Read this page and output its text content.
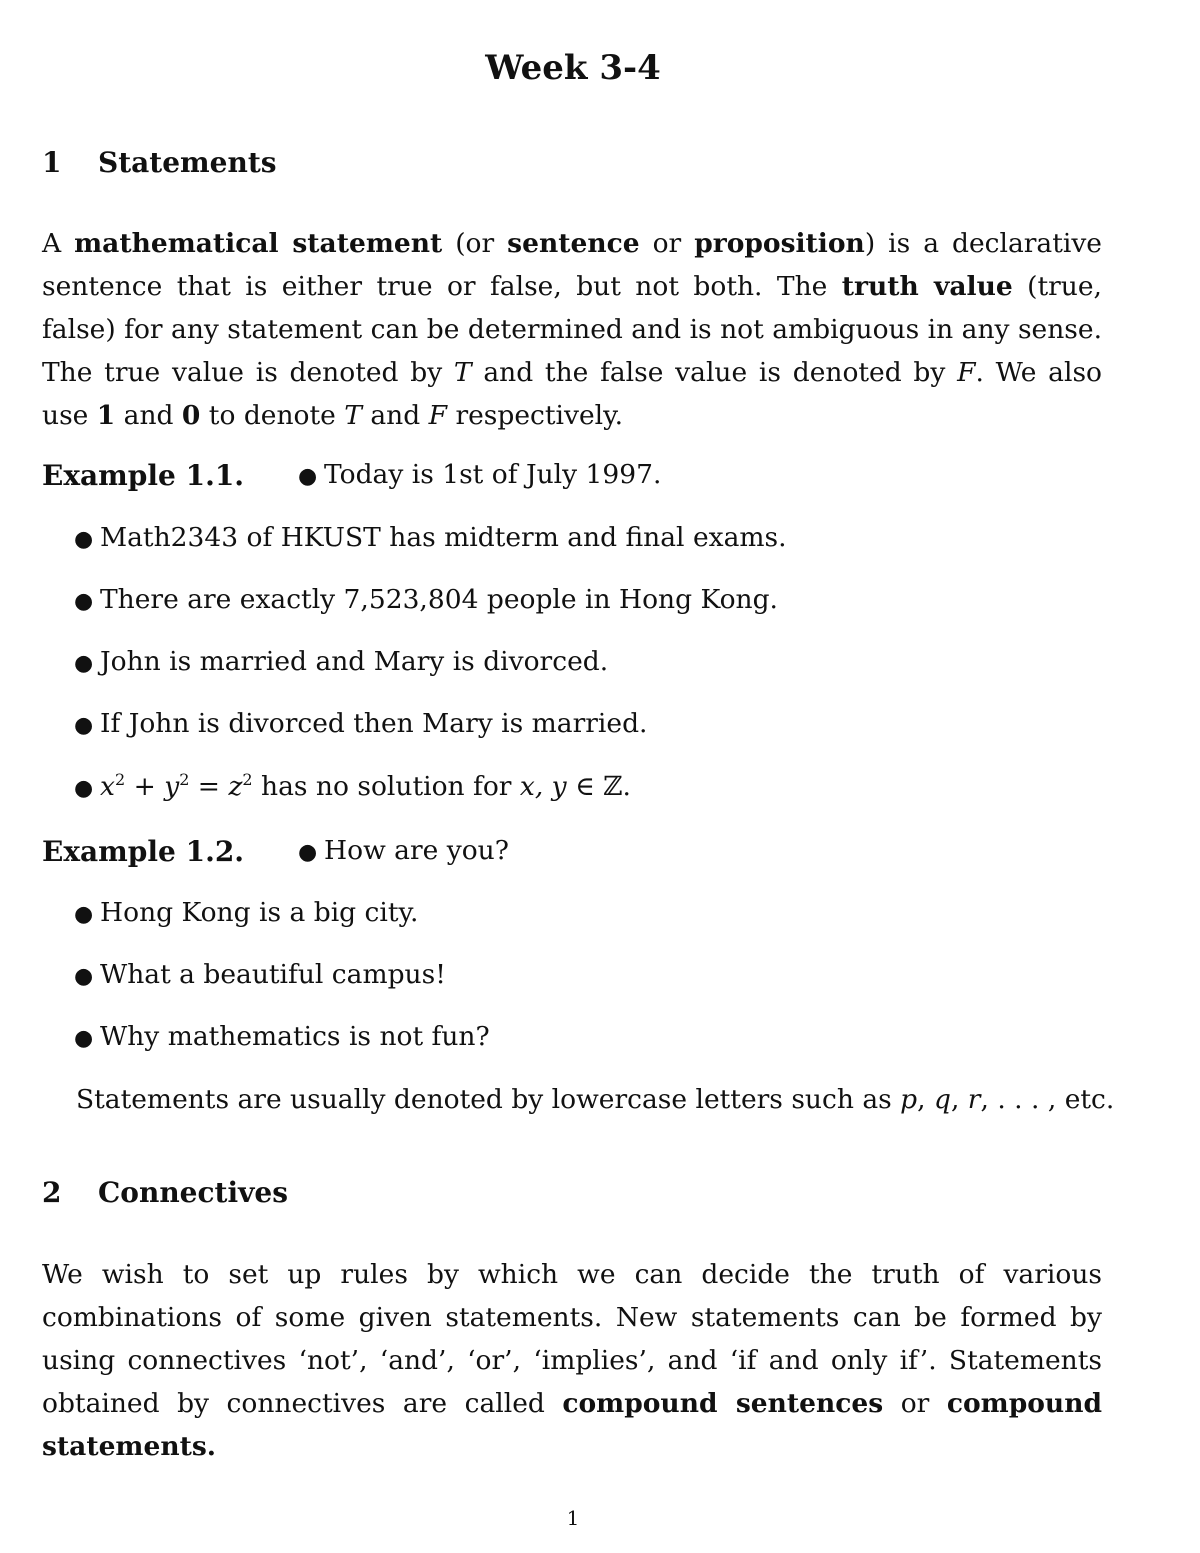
Week 3-4
1 Statements

A mathematical statement (or sentence or proposition) is a declarative sentence that is either true or false, but not both. The truth value (true, false) for any statement can be determined and is not ambiguous in any sense. The true value is denoted by T and the false value is denoted by F. We also use 1 and 0 to denote T and F respectively.

Example 1.1. ● Today is 1st of July 1997.

● Math2343 of HKUST has midterm and final exams.

● There are exactly 7,523,804 people in Hong Kong.

● John is married and Mary is divorced.

● If John is divorced then Mary is married.

● $x^2 + y^2 = z^2$ has no solution for x, y ∈ ℤ.

Example 1.2. ● How are you?

● Hong Kong is a big city.

● What a beautiful campus!

● Why mathematics is not fun?

Statements are usually denoted by lowercase letters such as p, q, r, . . . , etc.

2 Connectives

We wish to set up rules by which we can decide the truth of various combinations of some given statements. New statements can be formed by using connectives ‘not’, ‘and’, ‘or’, ‘implies’, and ‘if and only if’. Statements obtained by connectives are called compound sentences or compound statements.

1
